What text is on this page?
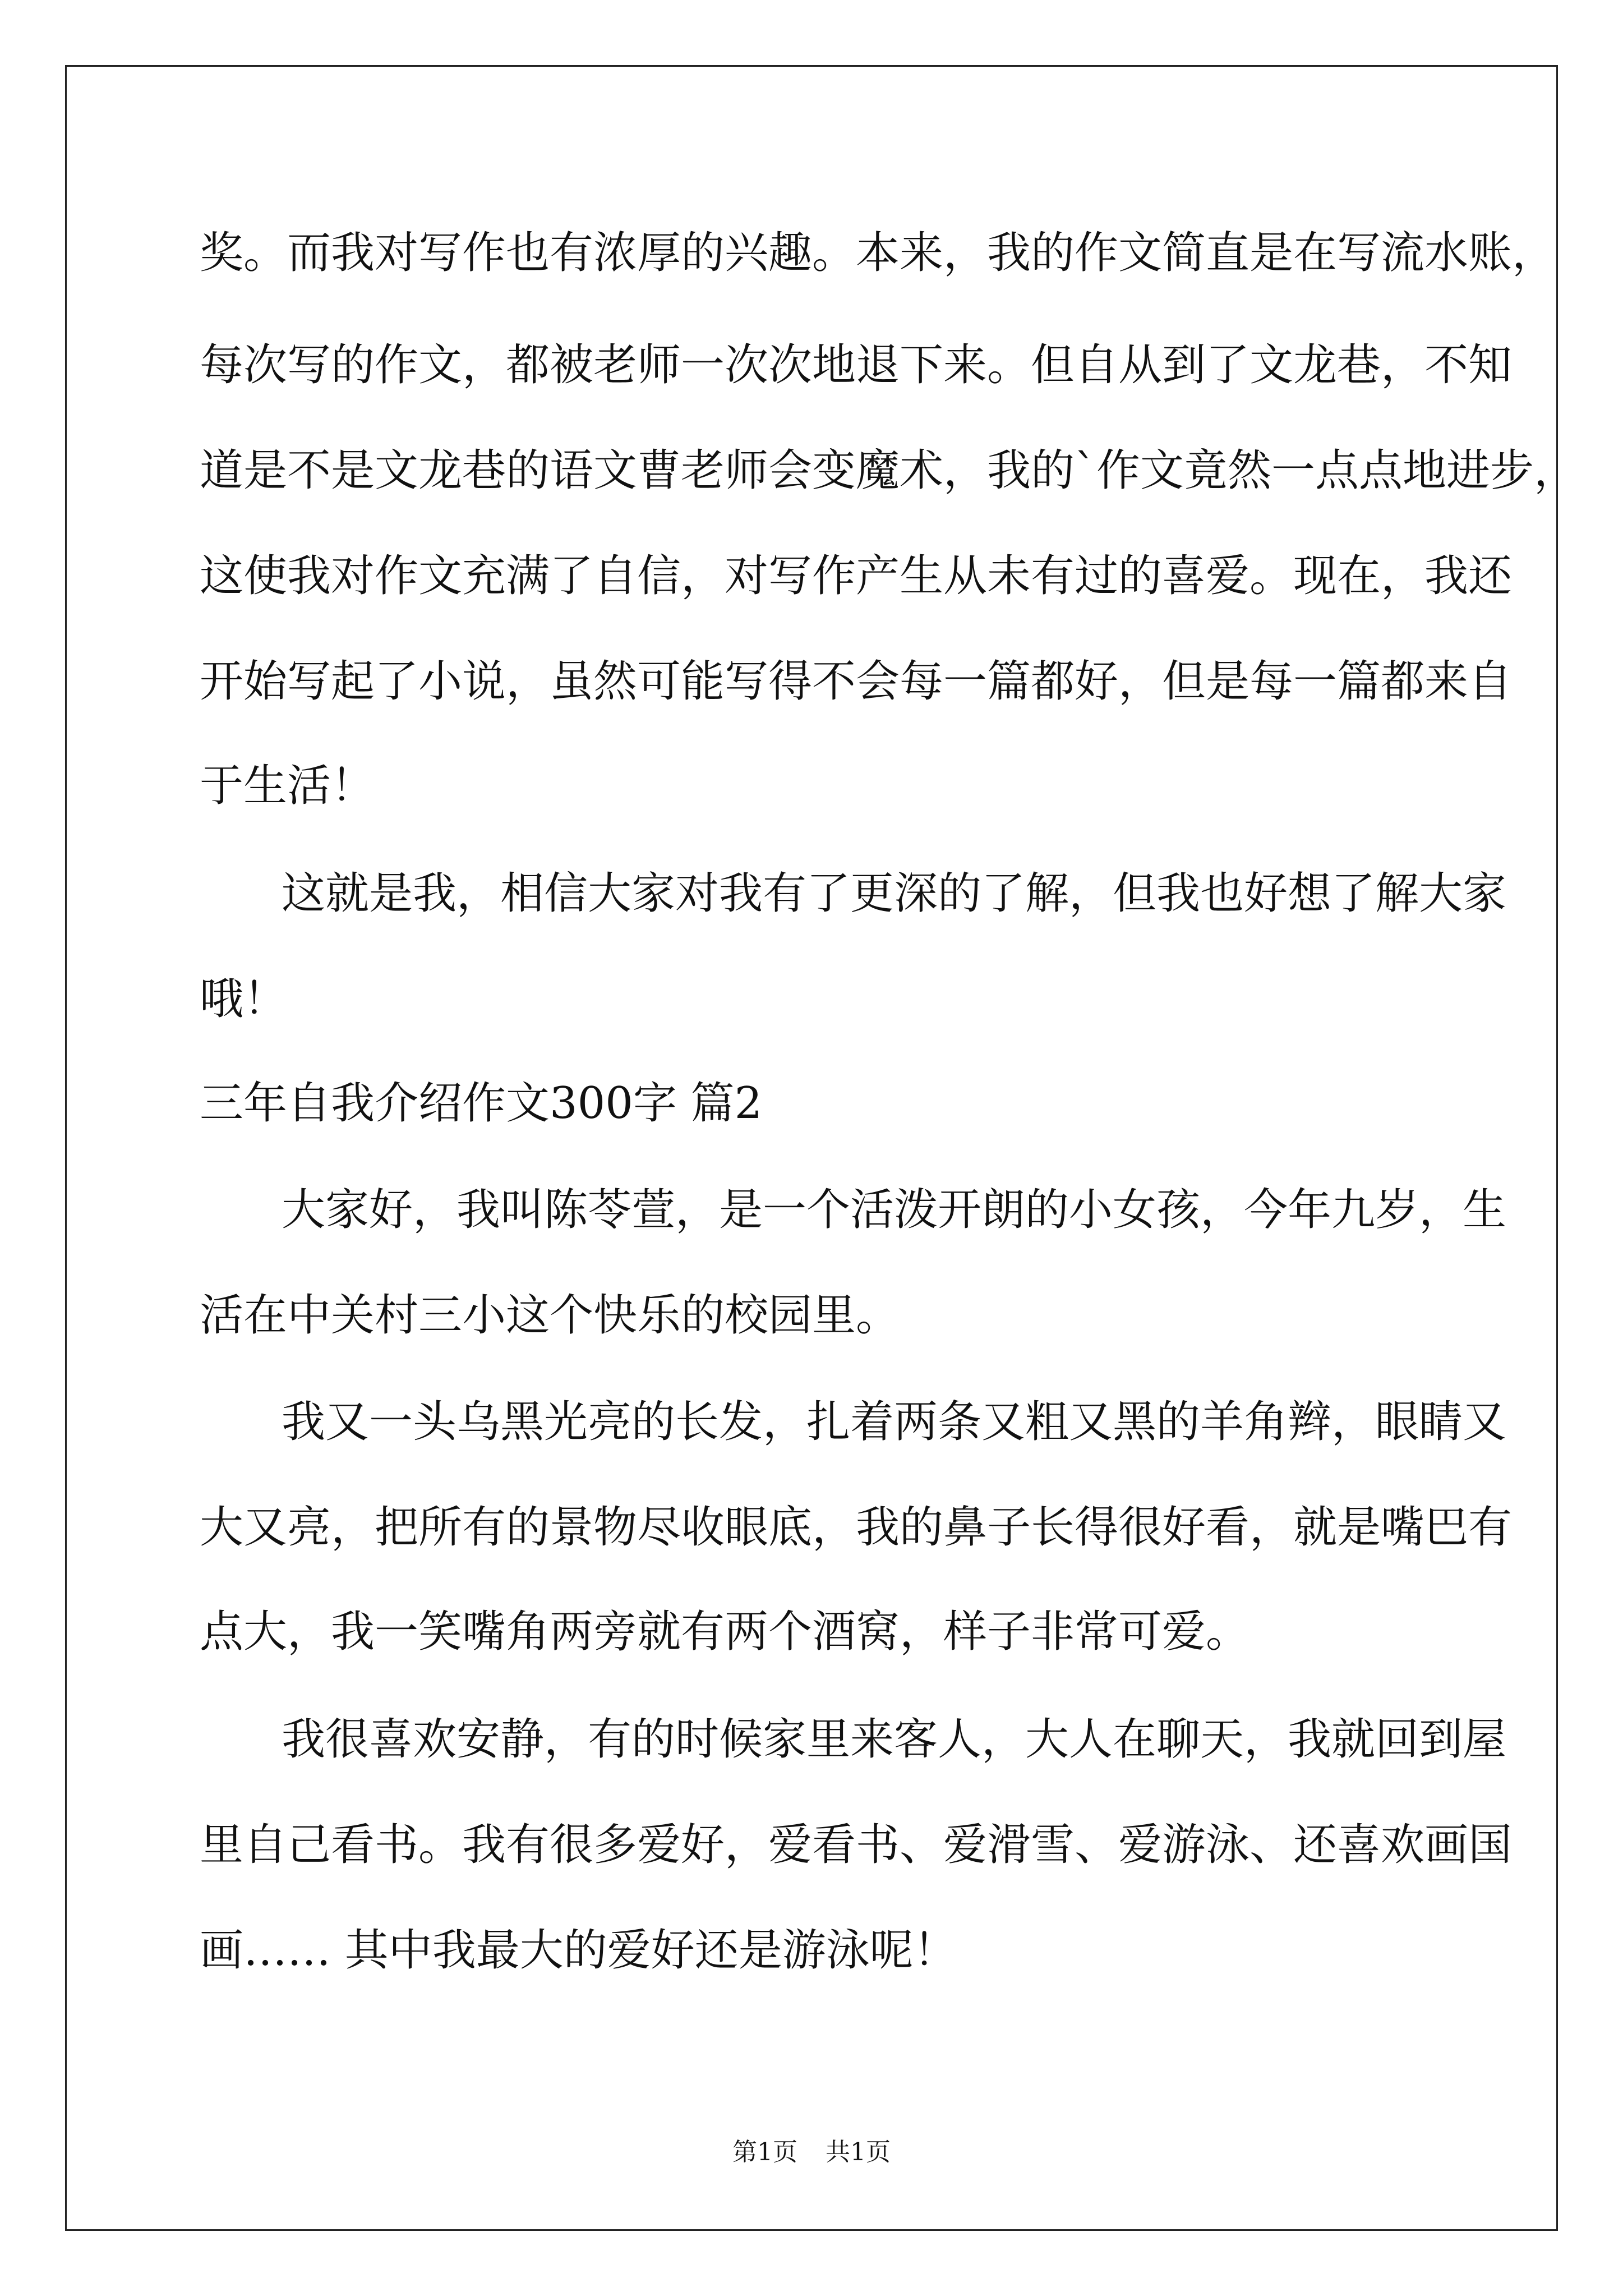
奖。而我对写作也有浓厚的兴趣。本来，我的作文简直是在写流水账，

每次写的作文，都被老师一次次地退下来。但自从到了文龙巷，不知

道是不是文龙巷的语文曹老师会变魔术，我的`作文竟然一点点地进步，

这使我对作文充满了自信，对写作产生从未有过的喜爱。现在，我还

开始写起了小说，虽然可能写得不会每一篇都好，但是每一篇都来自

于生活！

这就是我，相信大家对我有了更深的了解，但我也好想了解大家

哦！

三年自我介绍作文300字 篇2

大家好，我叫陈苓萱，是一个活泼开朗的小女孩，今年九岁，生

活在中关村三小这个快乐的校园里。

我又一头乌黑光亮的长发，扎着两条又粗又黑的羊角辫，眼睛又

大又亮，把所有的景物尽收眼底，我的鼻子长得很好看，就是嘴巴有

点大，我一笑嘴角两旁就有两个酒窝，样子非常可爱。

我很喜欢安静，有的时候家里来客人，大人在聊天，我就回到屋

里自己看书。我有很多爱好，爱看书、爱滑雪、爱游泳、还喜欢画国

画…… 其中我最大的爱好还是游泳呢！

第1页 共1页
